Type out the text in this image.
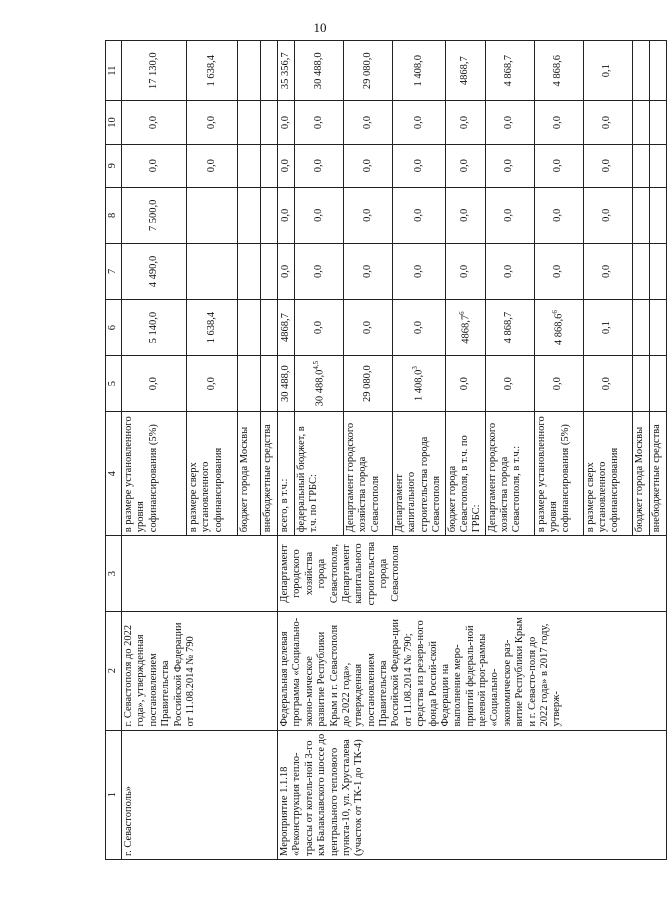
10
1	2	3	4	5	6	7	8	9	10	11
г. Севастополь»	г. Севастополя до 2022 года», утвержденная постановлением Правительства Российской Федерации от 11.08.2014 № 790		в размере установленного уровня софинансирования (5%)	0,0	5 140,0	4 490,0	7 500,0	0,0	0,0	17 130,0
			в размере сверх установленного софинансирования	0,0	1 638,4			0,0	0,0	1 638,4
			бюджет города Москвы							
			внебюджетные средства							
Мероприятие 1.1.18 «Реконструкция тепло-трассы от котель-ной 3-го км Балаклавского шоссе до центрального теплового пункта-10, ул. Хрусталева (участок от ТК-1 до ТК-4)	Федеральная целевая программа «Социально-эконо-мическое развитие Республики Крым и г. Севастополя до 2022 года», утвержденная постановлением Правительства Российской Федера-ции от 11.08.2014 № 790; средства из резерв-ного фонда Россий-ской Федерации на выполнение меро-приятий федераль-ной целевой прог-раммы «Социально-экономическое раз-витие Республики Крым и г. Севасто-поля до 2022 года» в 2017 году, утверж-	Департамент городского хозяйства города Севастополя, Департамент капитального строительства города Севастополя	всего, в т.ч.:	30 488,0	4868,7	0,0	0,0	0,0	0,0	35 356,7
			федеральный бюджет, в т.ч. по ГРБС:	30 488,0$^{4,5}$	0,0	0,0	0,0	0,0	0,0	30 488,0
			Департамент городского хозяйства города Севастополя	29 080,0	0,0	0,0	0,0	0,0	0,0	29 080,0
			Департамент капитального строительства города Севастополя	1 408,0$^3$	0,0	0,0	0,0	0,0	0,0	1 408,0
			бюджет города Севастополя, в т.ч. по ГРБС:	0,0	4868,7$^6$	0,0	0,0	0,0	0,0	4868,7
			Департамент городского хозяйства города Севастополя, в т.ч.:	0,0	4 868,7	0,0	0,0	0,0	0,0	4 868,7
			в размере установленного уровня софинансирования (5%)	0,0	4 868,6$^6$	0,0	0,0	0,0	0,0	4 868,6
			в размере сверх установленного софинансирования	0,0	0,1	0,0	0,0	0,0	0,0	0,1
			бюджет города Москвы							
			внебюджетные средства							
